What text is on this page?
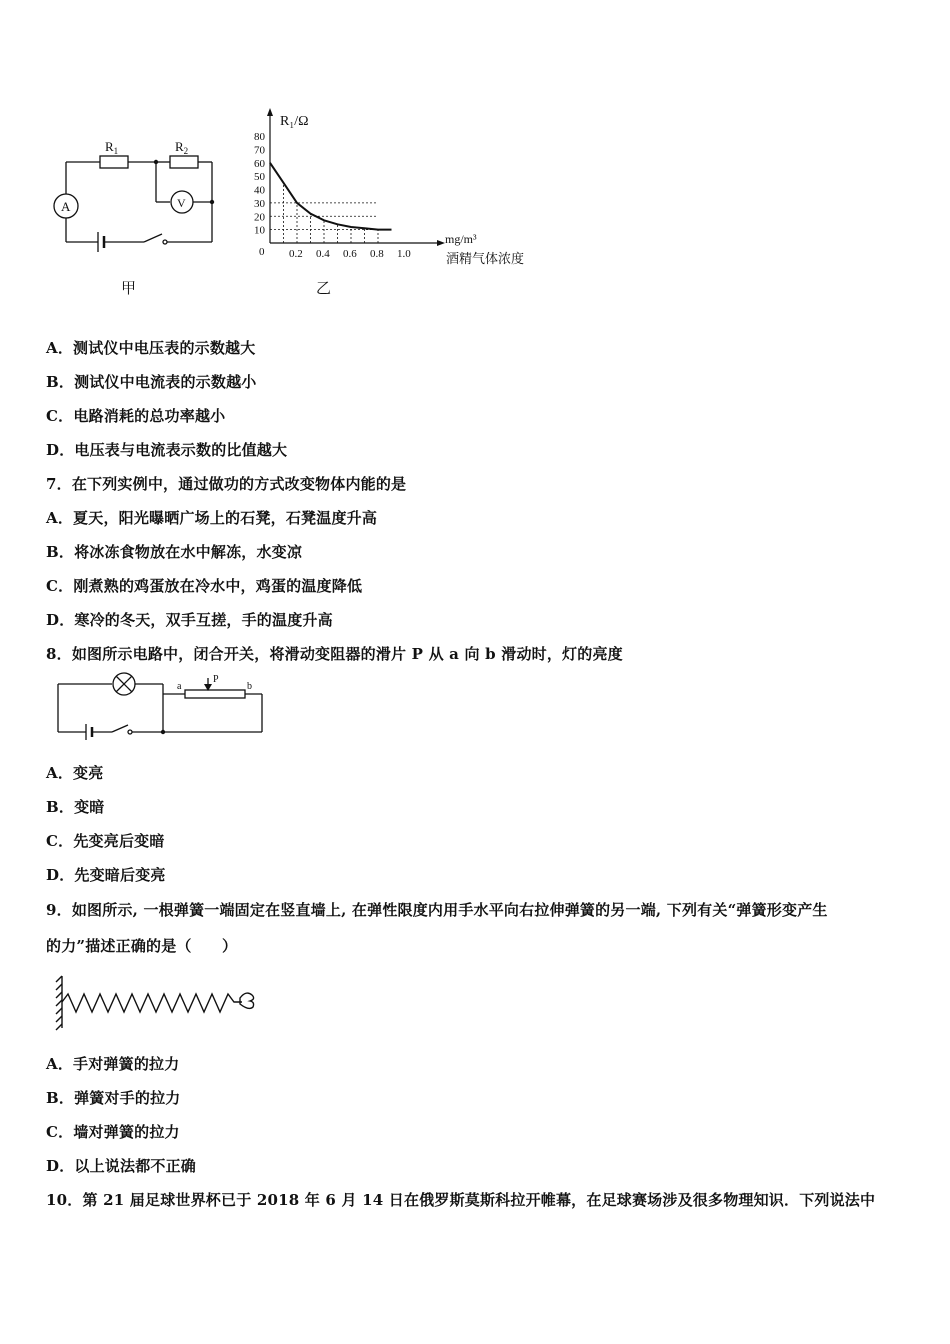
$R_1$	$R_2$
A	V
甲
R₁/Ω
mg/m³
酒精气体浓度
0
10
20
30
40
50
60
70
80
0.2 0.4 0.6 0.8 1.0
乙
A．测试仪中电压表的示数越大
B．测试仪中电流表的示数越小
C．电路消耗的总功率越小
D．电压表与电流表示数的比值越大
7．在下列实例中，通过做功的方式改变物体内能的是
A．夏天，阳光曝晒广场上的石凳，石凳温度升高
B．将冰冻食物放在水中解冻，水变凉
C．刚煮熟的鸡蛋放在冷水中，鸡蛋的温度降低
D．寒冷的冬天，双手互搓，手的温度升高
8．如图所示电路中，闭合开关，将滑动变阻器的滑片 P 从 a 向 b 滑动时，灯的亮度
a	b
P
A．变亮
B．变暗
C．先变亮后变暗
D．先变暗后变亮
9．如图所示, 一根弹簧一端固定在竖直墙上, 在弹性限度内用手水平向右拉伸弹簧的另一端, 下列有关“弹簧形变产生
的力”描述正确的是（　　）
A．手对弹簧的拉力
B．弹簧对手的拉力
C．墙对弹簧的拉力
D．以上说法都不正确
10．第 21 届足球世界杯已于 2018 年 6 月 14 日在俄罗斯莫斯科拉开帷幕，在足球赛场涉及很多物理知识．下列说法中
